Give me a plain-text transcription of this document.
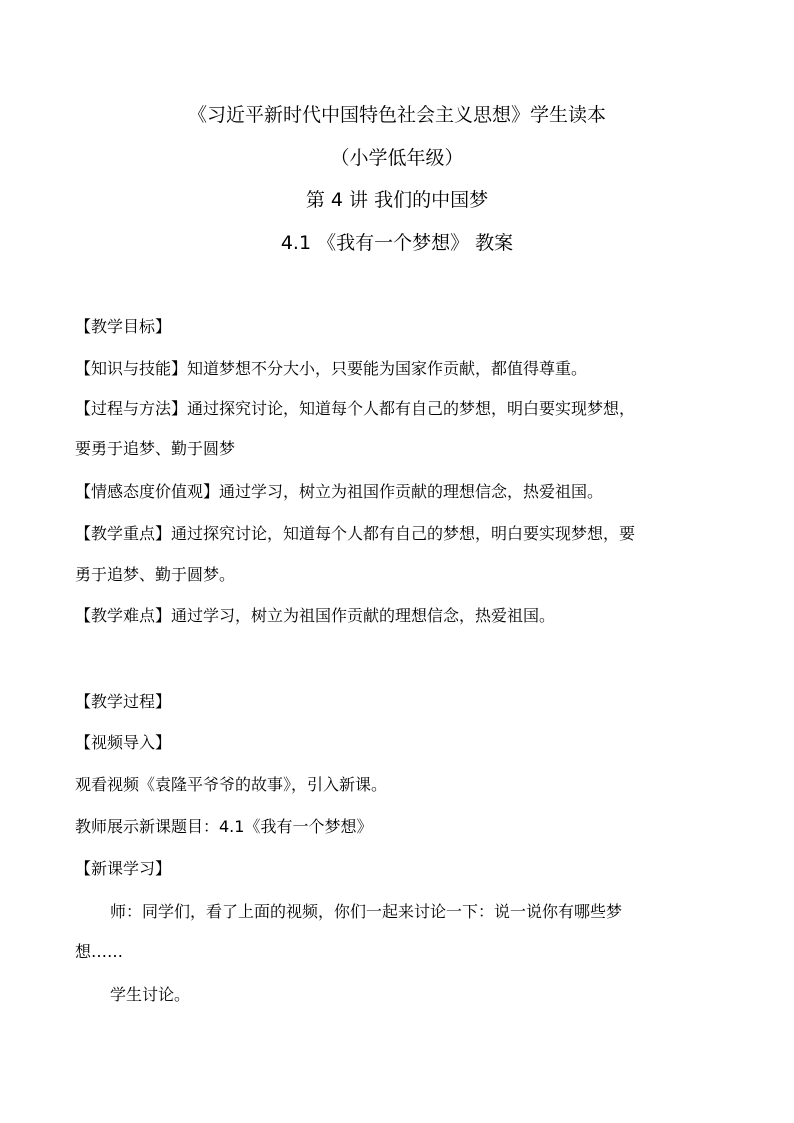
《习近平新时代中国特色社会主义思想》学生读本
（小学低年级）
第 4 讲 我们的中国梦
4.1 《我有一个梦想》 教案
【教学目标】
【知识与技能】知道梦想不分大小，只要能为国家作贡献，都值得尊重。
【过程与方法】通过探究讨论，知道每个人都有自己的梦想，明白要实现梦想，
要勇于追梦、勤于圆梦
【情感态度价值观】通过学习，树立为祖国作贡献的理想信念，热爱祖国。
【教学重点】通过探究讨论，知道每个人都有自己的梦想，明白要实现梦想，要
勇于追梦、勤于圆梦。
【教学难点】通过学习，树立为祖国作贡献的理想信念，热爱祖国。
【教学过程】
【视频导入】
观看视频《袁隆平爷爷的故事》，引入新课。
教师展示新课题目：4.1《我有一个梦想》
【新课学习】
师：同学们，看了上面的视频，你们一起来讨论一下：说一说你有哪些梦
想……
学生讨论。
